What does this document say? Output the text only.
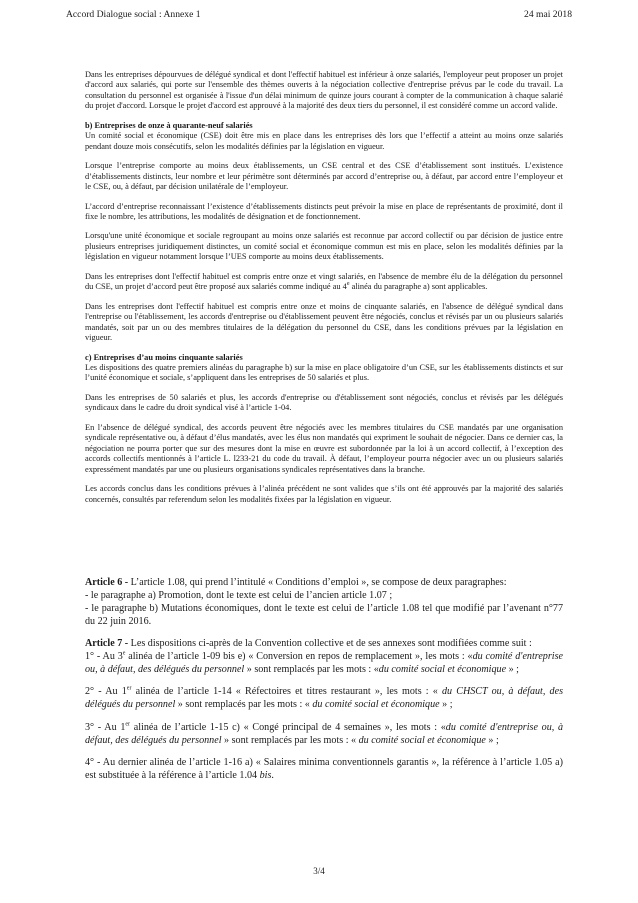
Accord Dialogue social : Annexe 1	24 mai 2018

Dans les entreprises dépourvues de délégué syndical et dont l'effectif habituel est inférieur à onze salariés, l'employeur peut proposer un projet d'accord aux salariés, qui porte sur l'ensemble des thèmes ouverts à la négociation collective d'entreprise prévus par le code du travail. La consultation du personnel est organisée à l'issue d'un délai minimum de quinze jours courant à compter de la communication à chaque salarié du projet d'accord. Lorsque le projet d'accord est approuvé à la majorité des deux tiers du personnel, il est considéré comme un accord valide.

b) Entreprises de onze à quarante-neuf salariés

Un comité social et économique (CSE) doit être mis en place dans les entreprises dès lors que l’effectif a atteint au moins onze salariés pendant douze mois consécutifs, selon les modalités définies par la législation en vigueur.

Lorsque l’entreprise comporte au moins deux établissements, un CSE central et des CSE d’établissement sont institués. L’existence d’établissements distincts, leur nombre et leur périmètre sont déterminés par accord d’entreprise ou, à défaut, par accord entre l’employeur et le CSE, ou, à défaut, par décision unilatérale de l’employeur.

L’accord d’entreprise reconnaissant l’existence d’établissements distincts peut prévoir la mise en place de représentants de proximité, dont il fixe le nombre, les attributions, les modalités de désignation et de fonctionnement.

Lorsqu'une unité économique et sociale regroupant au moins onze salariés est reconnue par accord collectif ou par décision de justice entre plusieurs entreprises juridiquement distinctes, un comité social et économique commun est mis en place, selon les modalités définies par la législation en vigueur notamment lorsque l’UES comporte au moins deux établissements.

Dans les entreprises dont l'effectif habituel est compris entre onze et vingt salariés, en l'absence de membre élu de la délégation du personnel du CSE, un projet d’accord peut être proposé aux salariés comme indiqué au 4e alinéa du paragraphe a) sont applicables.

Dans les entreprises dont l'effectif habituel est compris entre onze et moins de cinquante salariés, en l'absence de délégué syndical dans l'entreprise ou l'établissement, les accords d'entreprise ou d'établissement peuvent être négociés, conclus et révisés par un ou plusieurs salariés mandatés, soit par un ou des membres titulaires de la délégation du personnel du CSE, dans les conditions prévues par la législation en vigueur.

c) Entreprises d’au moins cinquante salariés

Les dispositions des quatre premiers alinéas du paragraphe b) sur la mise en place obligatoire d’un CSE, sur les établissements distincts et sur l’unité économique et sociale, s’appliquent dans les entreprises de 50 salariés et plus.

Dans les entreprises de 50 salariés et plus, les accords d'entreprise ou d'établissement sont négociés, conclus et révisés par les délégués syndicaux dans le cadre du droit syndical visé à l’article 1-04.

En l’absence de délégué syndical, des accords peuvent être négociés avec les membres titulaires du CSE mandatés par une organisation syndicale représentative ou, à défaut d’élus mandatés, avec les élus non mandatés qui expriment le souhait de négocier. Dans ce dernier cas, la négociation ne pourra porter que sur des mesures dont la mise en œuvre est subordonnée par la loi à un accord collectif, à l’exception des accords collectifs mentionnés à l’article L. l233-21 du code du travail. À défaut, l’employeur pourra négocier avec un ou plusieurs salariés expressément mandatés par une ou plusieurs organisations syndicales représentatives dans la branche.

Les accords conclus dans les conditions prévues à l’alinéa précédent ne sont valides que s’ils ont été approuvés par la majorité des salariés concernés, consultés par referendum selon les modalités fixées par la législation en vigueur.

Article 6 - L’article 1.08, qui prend l’intitulé « Conditions d’emploi », se compose de deux paragraphes:
- le paragraphe a) Promotion, dont le texte est celui de l’ancien article 1.07 ;
- le paragraphe b) Mutations économiques, dont le texte est celui de l’article 1.08 tel que modifié par l’avenant n°77 du 22 juin 2016.

Article 7 - Les dispositions ci-après de la Convention collective et de ses annexes sont modifiées comme suit :
1° - Au 3e alinéa de l’article 1-09 bis e) « Conversion en repos de remplacement », les mots : «du comité d'entreprise ou, à défaut, des délégués du personnel » sont remplacés par les mots : «du comité social et économique » ;

2° - Au 1er alinéa de l’article 1-14 « Réfectoires et titres restaurant », les mots : « du CHSCT ou, à défaut, des délégués du personnel » sont remplacés par les mots : « du comité social et économique » ;

3° - Au 1er alinéa de l’article 1-15 c) « Congé principal de 4 semaines », les mots : «du comité d'entreprise ou, à défaut, des délégués du personnel » sont remplacés par les mots : « du comité social et économique » ;

4° - Au dernier alinéa de l’article 1-16 a) « Salaires minima conventionnels garantis », la référence à l’article 1.05 a) est substituée à la référence à l’article 1.04 bis.

3/4
